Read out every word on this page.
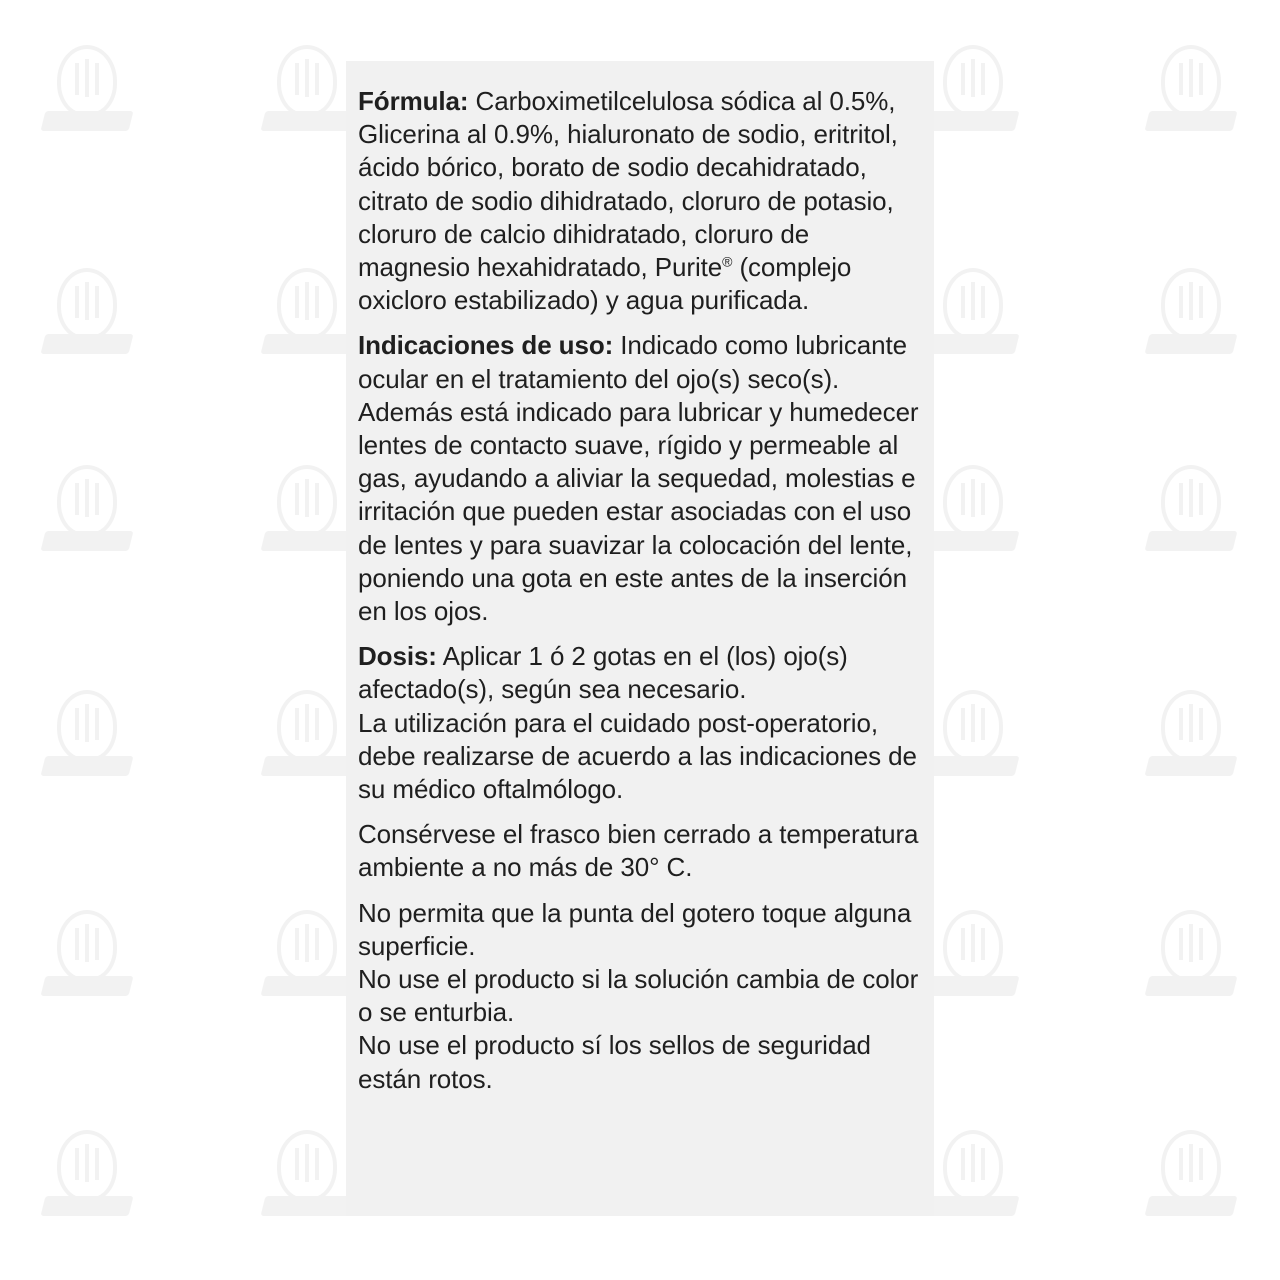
Fórmula: Carboximetilcelulosa sódica al 0.5%, Glicerina al 0.9%, hialuronato de sodio, eritritol, ácido bórico, borato de sodio decahidratado, citrato de sodio dihidratado, cloruro de potasio, cloruro de calcio dihidratado, cloruro de magnesio hexahidratado, Purite® (complejo oxicloro estabilizado) y agua purificada.

Indicaciones de uso: Indicado como lubricante ocular en el tratamiento del ojo(s) seco(s). Además está indicado para lubricar y humedecer lentes de contacto suave, rígido y permeable al gas, ayudando a aliviar la sequedad, molestias e irritación que pueden estar asociadas con el uso de lentes y para suavizar la colocación del lente, poniendo una gota en este antes de la inserción en los ojos.

Dosis: Aplicar 1 ó 2 gotas en el (los) ojo(s) afectado(s), según sea necesario.

La utilización para el cuidado post-operatorio, debe realizarse de acuerdo a las indicaciones de su médico oftalmólogo.

Consérvese el frasco bien cerrado a temperatura ambiente a no más de 30° C.

No permita que la punta del gotero toque alguna superficie.

No use el producto si la solución cambia de color o se enturbia.

No use el producto sí los sellos de seguridad están rotos.
